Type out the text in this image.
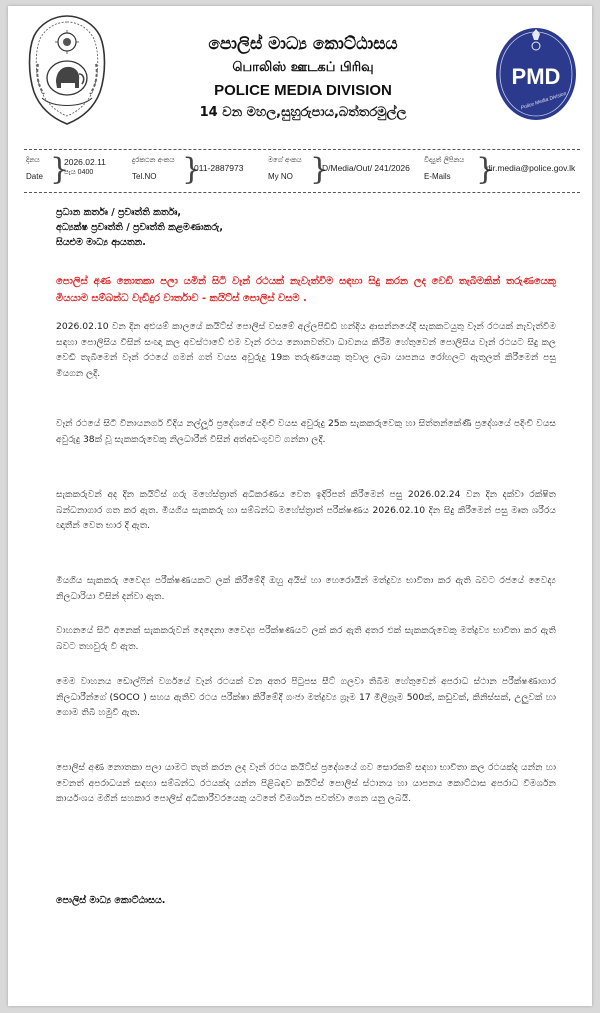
පොලිස් මාධ්‍ය කොට්ඨාසය
பொலிஸ் ஊடகப் பிரிவு
POLICE MEDIA DIVISION
14 වන මහල,සුහුරුපාය,බත්තරමුල්ල
PMD
Police Media Division
දිනය
Date }
2026.02.11
පැය 0400
දුරකථන අංකය
Tel.NO }
011-2887973
මගේ අංකය
My NO }
D/Media/Out/ 241/2026
විද්‍යුත් ලිපිනය
E-Mails }
dir.media@police.gov.lk
ප්‍රධාන කර්තෘ / ප්‍රවෘත්ති කර්තෘ,
අධ්‍යක්ෂ ප්‍රවෘත්ති / ප්‍රවෘත්ති කළමණාකරු,
සියළුම මාධ්‍ය ආයතන.
පොලිස් අණ නොතකා පලා යමින් සිටි වෑන් රථයක් නැවැත්වීම සඳහා සිදු කරන ලද වෙඩි තැබීමකින් තරුණයෙකු මියයාම සම්බන්ධ වැඩිදුර වාර්තාව - කයිට්ස් පොලිස් වසම .
2026.02.10 වන දින අළුයම් කාලයේ කයිට්ස් පොලිස් වසමේ අල්ලපිඩිඩි හන්දිය ආසන්නයේදී සැකකටයුතු වෑන් රථයක් නැවැත්වීම සඳහා පොලිසිය විසින් සංඥා කල අවස්ථාවේ එම වෑන් රථය නොනවත්වා ධාවනය කිරීම හේතුවෙන් පොලිසිය වෑන් රථයට සිදු කල වෙඩි තැබීමෙන් වෑන් රථයේ ගමන් ගත් වයස අවුරුදු 19ක තරුණයෙකු තුවාල ලබා යාපනය රෝහලට ඇතුලත් කිරීමෙන් පසු මියගන ලදී.
වෑන් රථයේ සිටි විනායනගර් වීදිය නල්ලූර් ප්‍රදේශයේ පදිංචි වයස අවුරුදු 25ක සැකකරුවෙකු හා සිත්තන්කේණි ප්‍රදේශයේ පදිංචි වයස අවුරුදු 38ක් වූ සැකකරුවෙකු නිලධාරීන් විසින් අත්අඩංගුවට ගන්නා ලදී.
සැකකරුවන් අද දින කයිට්ස් ගරු මහේස්ත්‍රාත් අධිකරණය වෙත ඉදිරිපත් කිරීමෙන් පසු 2026.02.24 වන දින දක්වා රක්ෂිත බන්ධනාගාර ගත කර ඇත. මියගිය සැකකරු හා සම්බන්ධ මහේස්ත්‍රාත් පරීක්ෂණය 2026.02.10 දින සිදු කිරීමෙන් පසු මෘත ශරීරය ඥාතීන් වෙත භාර දී ඇත.
මියගිය සැකකරු වෛද්‍ය පරීක්ෂණයකට ලක් කිරීමේදී ඔහු අයිස් හා හෙරොයින් මත්ද්‍රව්‍ය භාවිතා කර ඇති බවට රජයේ වෛද්‍ය නිලධාරියා විසින් දන්වා ඇත.
වාහනයේ සිටි අනෙක් සැකකරුවන් දෙදෙනා වෛද්‍ය පරීක්ෂණයට ලක් කර ඇති අතර එක් සැකකරුවෙකු මත්ද්‍රව්‍ය භාවිතා කර ඇති බවට තහවුරු වී ඇත.
මෙම වාහනය ඩොල්ෆින් වර්ගයේ වෑන් රථයක් වන අතර පිටුපස සීට් ගලවා තිබීම හේතුවෙන් අපරාධ ස්ථාන පරීක්ෂණාගාර නිලධාරීන්ගේ (SOCO ) සහය ඇතිව රථය පරීක්ෂා කිරීමේදී ගංජා මත්ද්‍රව්‍ය ග්‍රෑම 17 මිලිග්‍රෑම 500ක්, කඩුවක්, කිනිස්සක්, උලුවක් හා ගොම තිබී හමුවී ඇත.
පොලිස් අණ නොතකා පලා යාමට තැත් කරන ලද වෑන් රථය කයිට්ස් ප්‍රදේශයේ ගව සොරකම් සඳහා භාවිතා කල රථයක්ද යන්න හා වෙනත් අපරාධයන් සඳහා සම්බන්ධ රථයක්ද යන්න පිළිබඳව කයිට්ස් පොලිස් ස්ථානය හා යාපනය කොට්ඨාස අපරාධ විමර්ශන කාර්යංශය මගින් සහකාර පොලිස් අධිකාරීවරයෙකු යටතේ විමර්ශන පවත්වා ගෙන යනු ලබයි.
පොලිස් මාධ්‍ය කොට්ඨාසය.
